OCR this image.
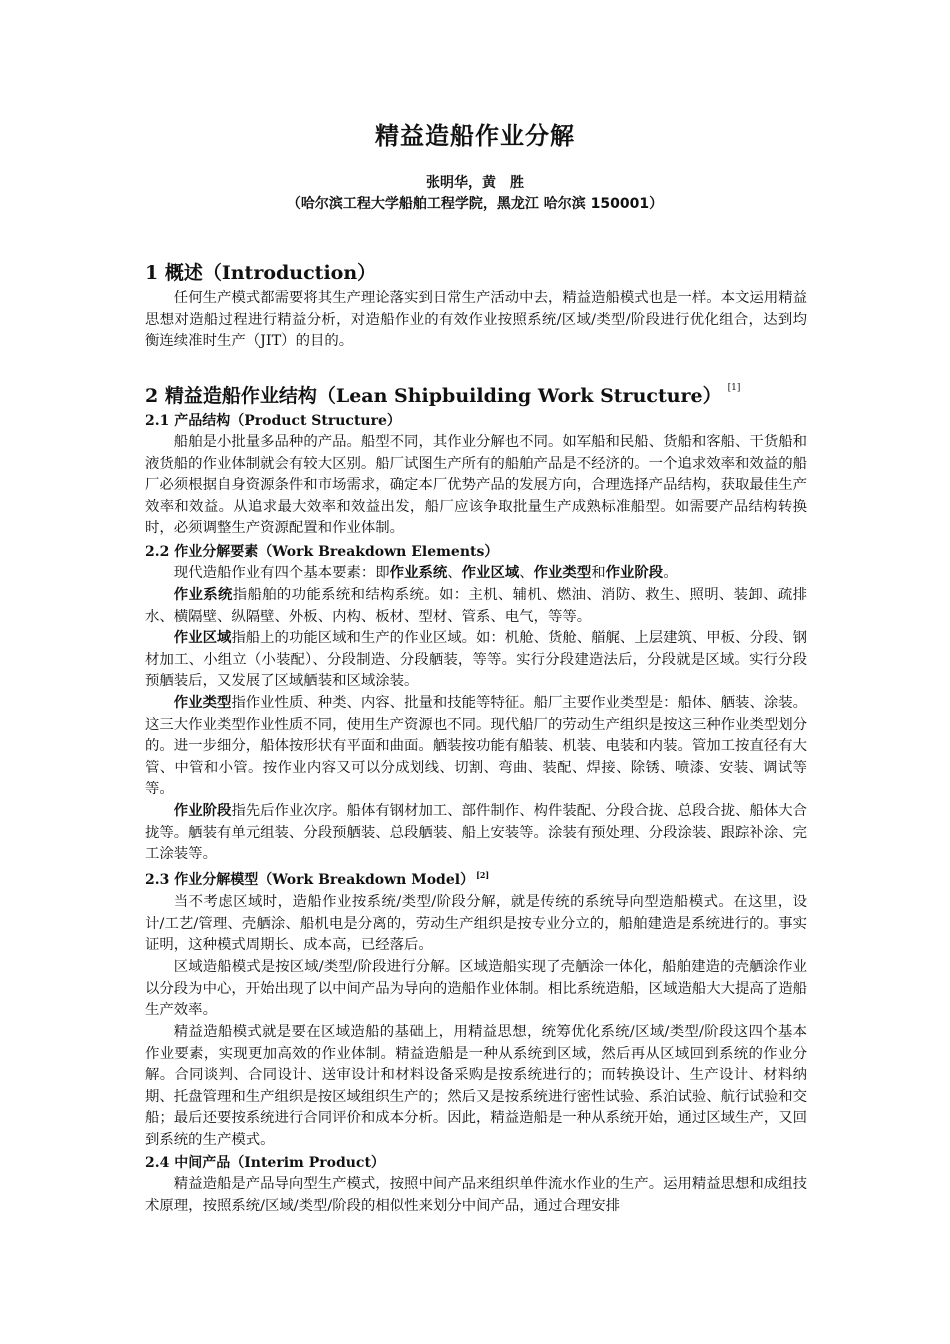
精益造船作业分解
张明华，黄　胜
（哈尔滨工程大学船舶工程学院，黑龙江 哈尔滨 150001）
1 概述（Introduction）
任何生产模式都需要将其生产理论落实到日常生产活动中去，精益造船模式也是一样。本文运用精益思想对造船过程进行精益分析，对造船作业的有效作业按照系统/区域/类型/阶段进行优化组合，达到均衡连续准时生产（JIT）的目的。
2 精益造船作业结构（Lean Shipbuilding Work Structure） [1]
2.1 产品结构（Product Structure）
船舶是小批量多品种的产品。船型不同，其作业分解也不同。如军船和民船、货船和客船、干货船和液货船的作业体制就会有较大区别。船厂试图生产所有的船舶产品是不经济的。一个追求效率和效益的船厂必须根据自身资源条件和市场需求，确定本厂优势产品的发展方向，合理选择产品结构，获取最佳生产效率和效益。从追求最大效率和效益出发，船厂应该争取批量生产成熟标准船型。如需要产品结构转换时，必须调整生产资源配置和作业体制。
2.2 作业分解要素（Work Breakdown Elements）
现代造船作业有四个基本要素：即作业系统、作业区域、作业类型和作业阶段。
作业系统指船舶的功能系统和结构系统。如：主机、辅机、燃油、消防、救生、照明、装卸、疏排水、横隔壁、纵隔壁、外板、内构、板材、型材、管系、电气，等等。
作业区域指船上的功能区域和生产的作业区域。如：机舱、货舱、艏艉、上层建筑、甲板、分段、钢材加工、小组立（小装配）、分段制造、分段舾装，等等。实行分段建造法后，分段就是区域。实行分段预舾装后，又发展了区域舾装和区域涂装。
作业类型指作业性质、种类、内容、批量和技能等特征。船厂主要作业类型是：船体、舾装、涂装。这三大作业类型作业性质不同，使用生产资源也不同。现代船厂的劳动生产组织是按这三种作业类型划分的。进一步细分，船体按形状有平面和曲面。舾装按功能有船装、机装、电装和内装。管加工按直径有大管、中管和小管。按作业内容又可以分成划线、切割、弯曲、装配、焊接、除锈、喷漆、安装、调试等等。
作业阶段指先后作业次序。船体有钢材加工、部件制作、构件装配、分段合拢、总段合拢、船体大合拢等。舾装有单元组装、分段预舾装、总段舾装、船上安装等。涂装有预处理、分段涂装、跟踪补涂、完工涂装等。
2.3 作业分解模型（Work Breakdown Model） [2]
当不考虑区域时，造船作业按系统/类型/阶段分解，就是传统的系统导向型造船模式。在这里，设计/工艺/管理、壳舾涂、船机电是分离的，劳动生产组织是按专业分立的，船舶建造是系统进行的。事实证明，这种模式周期长、成本高，已经落后。
区域造船模式是按区域/类型/阶段进行分解。区域造船实现了壳舾涂一体化，船舶建造的壳舾涂作业以分段为中心，开始出现了以中间产品为导向的造船作业体制。相比系统造船，区域造船大大提高了造船生产效率。
精益造船模式就是要在区域造船的基础上，用精益思想，统筹优化系统/区域/类型/阶段这四个基本作业要素，实现更加高效的作业体制。精益造船是一种从系统到区域，然后再从区域回到系统的作业分解。合同谈判、合同设计、送审设计和材料设备采购是按系统进行的；而转换设计、生产设计、材料纳期、托盘管理和生产组织是按区域组织生产的；然后又是按系统进行密性试验、系泊试验、航行试验和交船；最后还要按系统进行合同评价和成本分析。因此，精益造船是一种从系统开始，通过区域生产，又回到系统的生产模式。
2.4 中间产品（Interim Product）
精益造船是产品导向型生产模式，按照中间产品来组织单件流水作业的生产。运用精益思想和成组技术原理，按照系统/区域/类型/阶段的相似性来划分中间产品，通过合理安排
